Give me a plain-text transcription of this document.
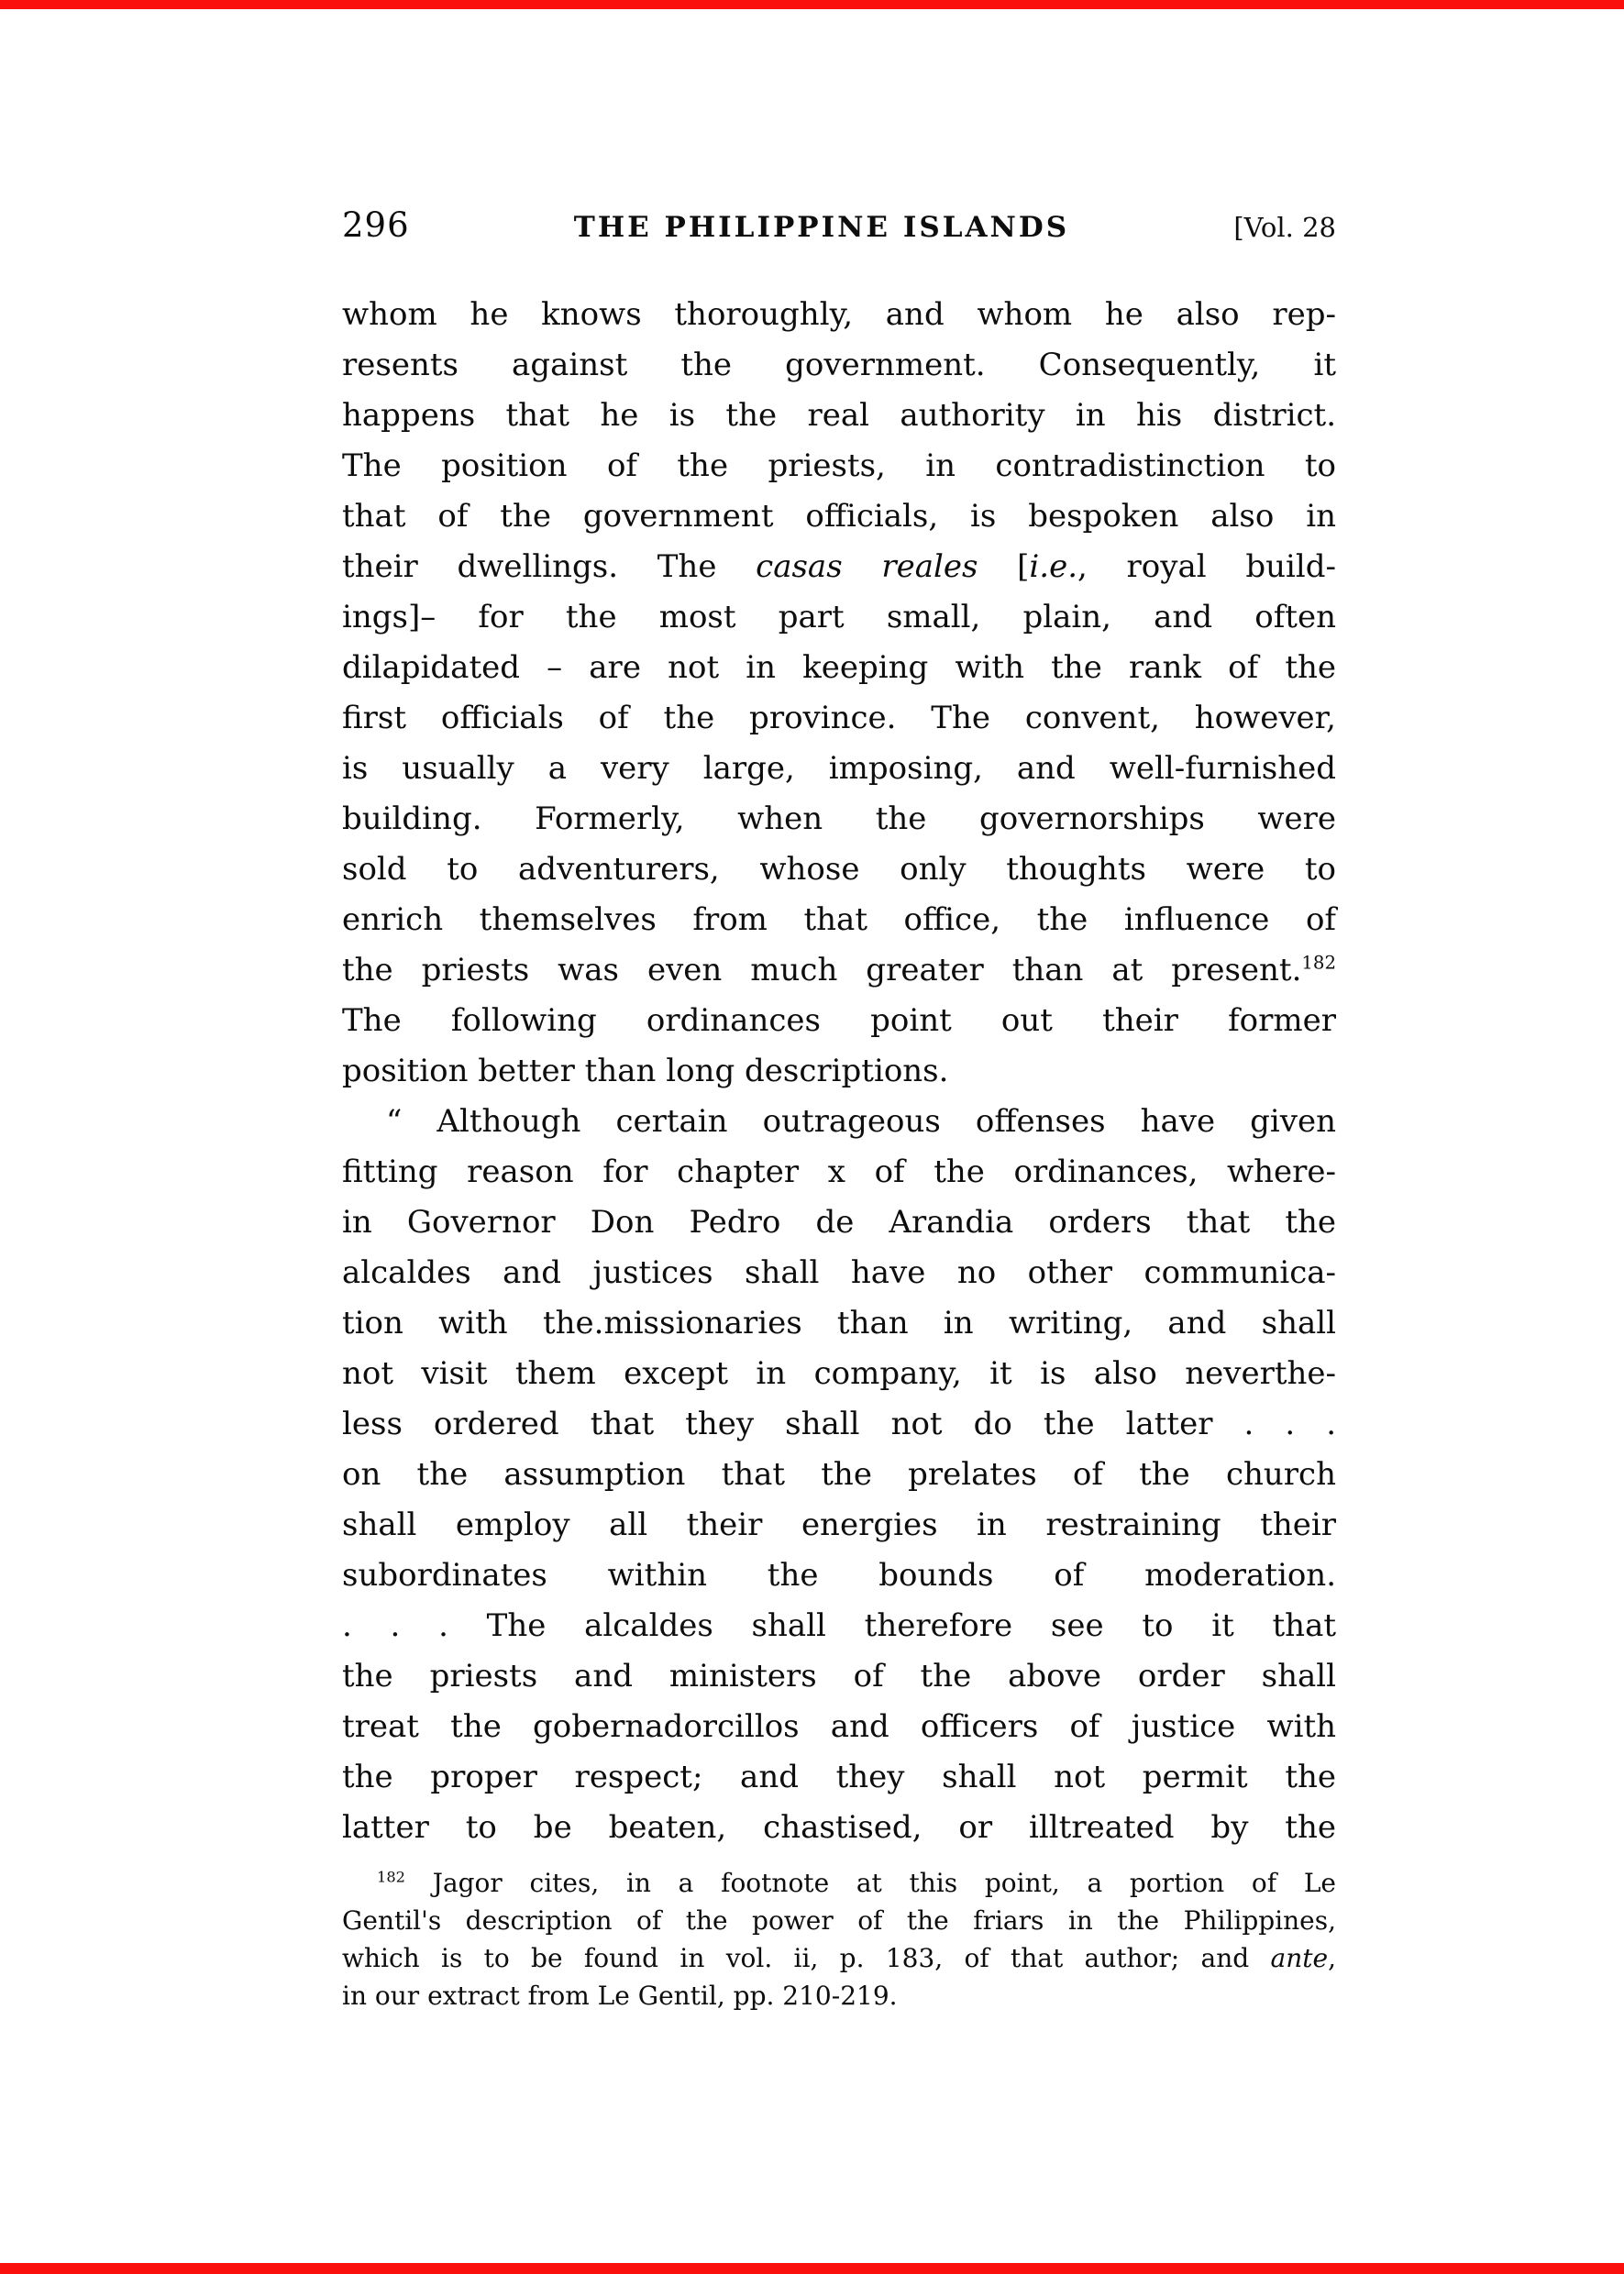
296	THE PHILIPPINE ISLANDS	[Vol. 28
whom he knows thoroughly, and whom he also rep-
resents against the government. Consequently, it
happens that he is the real authority in his district.
The position of the priests, in contradistinction to
that of the government officials, is bespoken also in
their dwellings. The casas reales [i.e., royal build-
ings]– for the most part small, plain, and often
dilapidated – are not in keeping with the rank of the
first officials of the province. The convent, however,
is usually a very large, imposing, and well-furnished
building. Formerly, when the governorships were
sold to adventurers, whose only thoughts were to
enrich themselves from that office, the influence of
the priests was even much greater than at present.$^{182}$
The following ordinances point out their former
position better than long descriptions.
“ Although certain outrageous offenses have given
fitting reason for chapter x of the ordinances, where-
in Governor Don Pedro de Arandia orders that the
alcaldes and justices shall have no other communica-
tion with the.missionaries than in writing, and shall
not visit them except in company, it is also neverthe-
less ordered that they shall not do the latter . . .
on the assumption that the prelates of the church
shall employ all their energies in restraining their
subordinates within the bounds of moderation.
. . . The alcaldes shall therefore see to it that
the priests and ministers of the above order shall
treat the gobernadorcillos and officers of justice with
the proper respect; and they shall not permit the
latter to be beaten, chastised, or illtreated by the
$^{182}$ Jagor cites, in a footnote at this point, a portion of Le
Gentil's description of the power of the friars in the Philippines,
which is to be found in vol. ii, p. 183, of that author; and ante,
in our extract from Le Gentil, pp. 210-219.
